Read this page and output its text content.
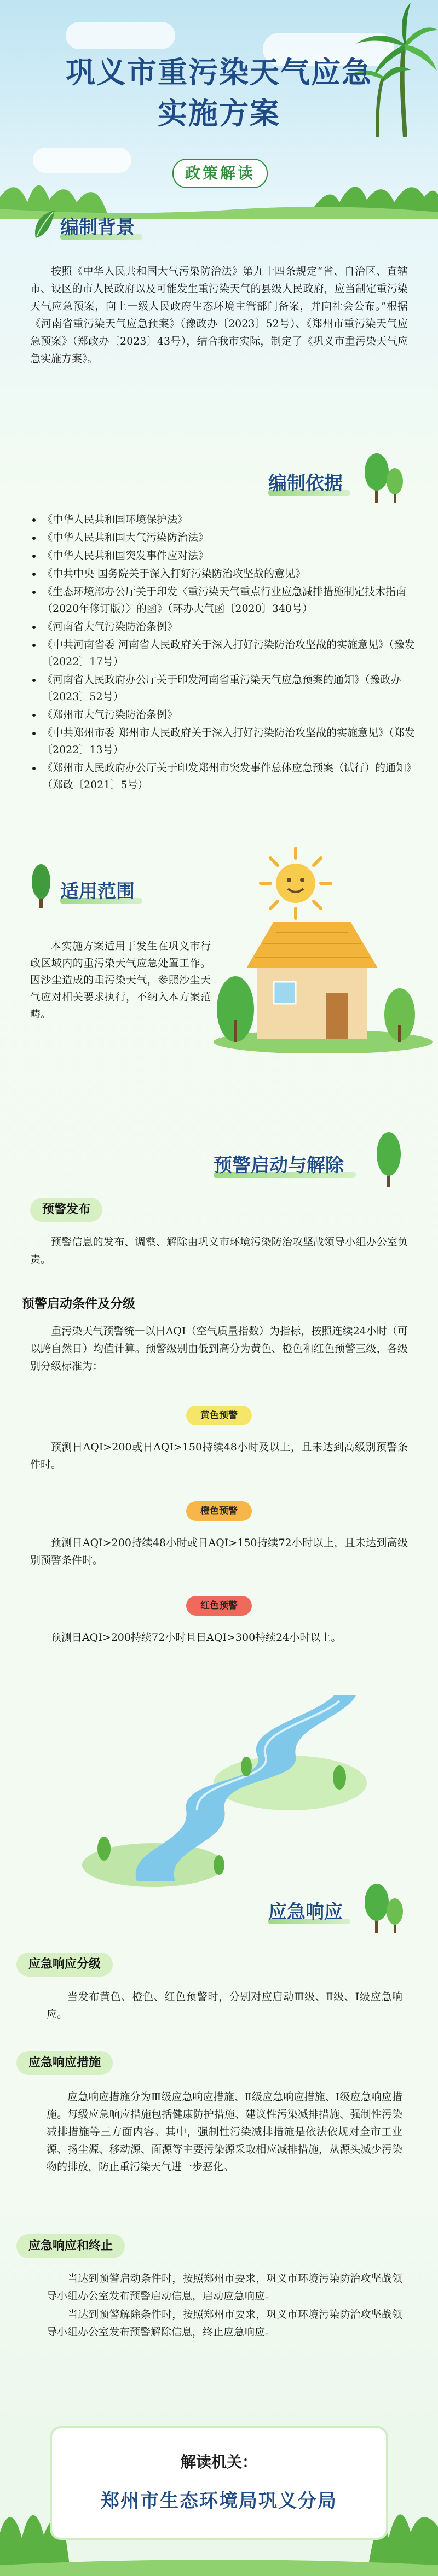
巩义市重污染天气应急
实施方案
政策解读
编制背景

按照《中华人民共和国大气污染防治法》第九十四条规定“省、自治区、直辖市、设区的市人民政府以及可能发生重污染天气的县级人民政府，应当制定重污染天气应急预案，向上一级人民政府生态环境主管部门备案，并向社会公布。”根据《河南省重污染天气应急预案》（豫政办〔2023〕52号）、《郑州市重污染天气应急预案》（郑政办〔2023〕43号），结合我市实际，制定了《巩义市重污染天气应急实施方案》。

编制依据
• 《中华人民共和国环境保护法》
• 《中华人民共和国大气污染防治法》
• 《中华人民共和国突发事件应对法》
• 《中共中央 国务院关于深入打好污染防治攻坚战的意见》
• 《生态环境部办公厅关于印发〈重污染天气重点行业应急减排措施制定技术指南（2020年修订版）〉的函》（环办大气函〔2020〕340号）
• 《河南省大气污染防治条例》
• 《中共河南省委 河南省人民政府关于深入打好污染防治攻坚战的实施意见》（豫发〔2022〕17号）
• 《河南省人民政府办公厅关于印发河南省重污染天气应急预案的通知》（豫政办〔2023〕52号）
• 《郑州市大气污染防治条例》
• 《中共郑州市委 郑州市人民政府关于深入打好污染防治攻坚战的实施意见》（郑发〔2022〕13号）
• 《郑州市人民政府办公厅关于印发郑州市突发事件总体应急预案（试行）的通知》（郑政〔2021〕5号）
适用范围

本实施方案适用于发生在巩义市行政区域内的重污染天气应急处置工作。因沙尘造成的重污染天气，参照沙尘天气应对相关要求执行，不纳入本方案范畴。

预警启动与解除
预警发布

预警信息的发布、调整、解除由巩义市环境污染防治攻坚战领导小组办公室负责。

预警启动条件及分级

重污染天气预警统一以日AQI（空气质量指数）为指标，按照连续24小时（可以跨自然日）均值计算。预警级别由低到高分为黄色、橙色和红色预警三级，各级别分级标准为：

黄色预警

预测日AQI>200或日AQI>150持续48小时及以上，且未达到高级别预警条件时。

橙色预警

预测日AQI>200持续48小时或日AQI>150持续72小时以上，且未达到高级别预警条件时。

红色预警

预测日AQI>200持续72小时且日AQI>300持续24小时以上。

应急响应
应急响应分级

当发布黄色、橙色、红色预警时，分别对应启动Ⅲ级、Ⅱ级、Ⅰ级应急响应。

应急响应措施

应急响应措施分为Ⅲ级应急响应措施、Ⅱ级应急响应措施、Ⅰ级应急响应措施。每级应急响应措施包括健康防护措施、建议性污染减排措施、强制性污染减排措施等三方面内容。其中，强制性污染减排措施是依法依规对全市工业源、扬尘源、移动源、面源等主要污染源采取相应减排措施，从源头减少污染物的排放，防止重污染天气进一步恶化。

应急响应和终止

当达到预警启动条件时，按照郑州市要求，巩义市环境污染防治攻坚战领导小组办公室发布预警启动信息，启动应急响应。

当达到预警解除条件时，按照郑州市要求，巩义市环境污染防治攻坚战领导小组办公室发布预警解除信息，终止应急响应。

解读机关：
郑州市生态环境局巩义分局
